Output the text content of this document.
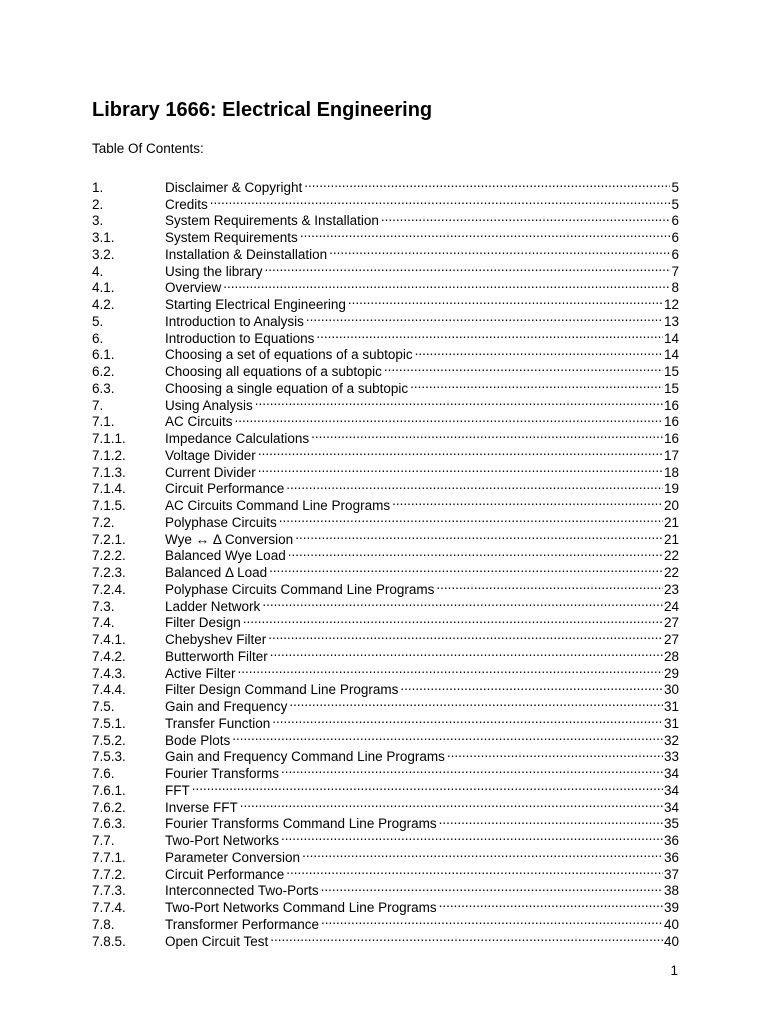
Library 1666: Electrical Engineering

Table Of Contents:

1.	Disclaimer & Copyright .....	5
2.	Credits .....	5
3.	System Requirements & Installation .....	6
3.1.	System Requirements .....	6
3.2.	Installation & Deinstallation .....	6
4.	Using the library .....	7
4.1.	Overview .....	8
4.2.	Starting Electrical Engineering .....	12
5.	Introduction to Analysis .....	13
6.	Introduction to Equations .....	14
6.1.	Choosing a set of equations of a subtopic .....	14
6.2.	Choosing all equations of a subtopic .....	15
6.3.	Choosing a single equation of a subtopic .....	15
7.	Using Analysis .....	16
7.1.	AC Circuits .....	16
7.1.1.	Impedance Calculations .....	16
7.1.2.	Voltage Divider .....	17
7.1.3.	Current Divider .....	18
7.1.4.	Circuit Performance .....	19
7.1.5.	AC Circuits Command Line Programs .....	20
7.2.	Polyphase Circuits .....	21
7.2.1.	Wye ↔ Δ Conversion .....	21
7.2.2.	Balanced Wye Load .....	22
7.2.3.	Balanced Δ Load .....	22
7.2.4.	Polyphase Circuits Command Line Programs .....	23
7.3.	Ladder Network .....	24
7.4.	Filter Design .....	27
7.4.1.	Chebyshev Filter .....	27
7.4.2.	Butterworth Filter .....	28
7.4.3.	Active Filter .....	29
7.4.4.	Filter Design Command Line Programs .....	30
7.5.	Gain and Frequency .....	31
7.5.1.	Transfer Function .....	31
7.5.2.	Bode Plots .....	32
7.5.3.	Gain and Frequency Command Line Programs .....	33
7.6.	Fourier Transforms .....	34
7.6.1.	FFT .....	34
7.6.2.	Inverse FFT .....	34
7.6.3.	Fourier Transforms Command Line Programs .....	35
7.7.	Two-Port Networks .....	36
7.7.1.	Parameter Conversion .....	36
7.7.2.	Circuit Performance .....	37
7.7.3.	Interconnected Two-Ports .....	38
7.7.4.	Two-Port Networks Command Line Programs .....	39
7.8.	Transformer Performance .....	40
7.8.5.	Open Circuit Test .....	40
1
